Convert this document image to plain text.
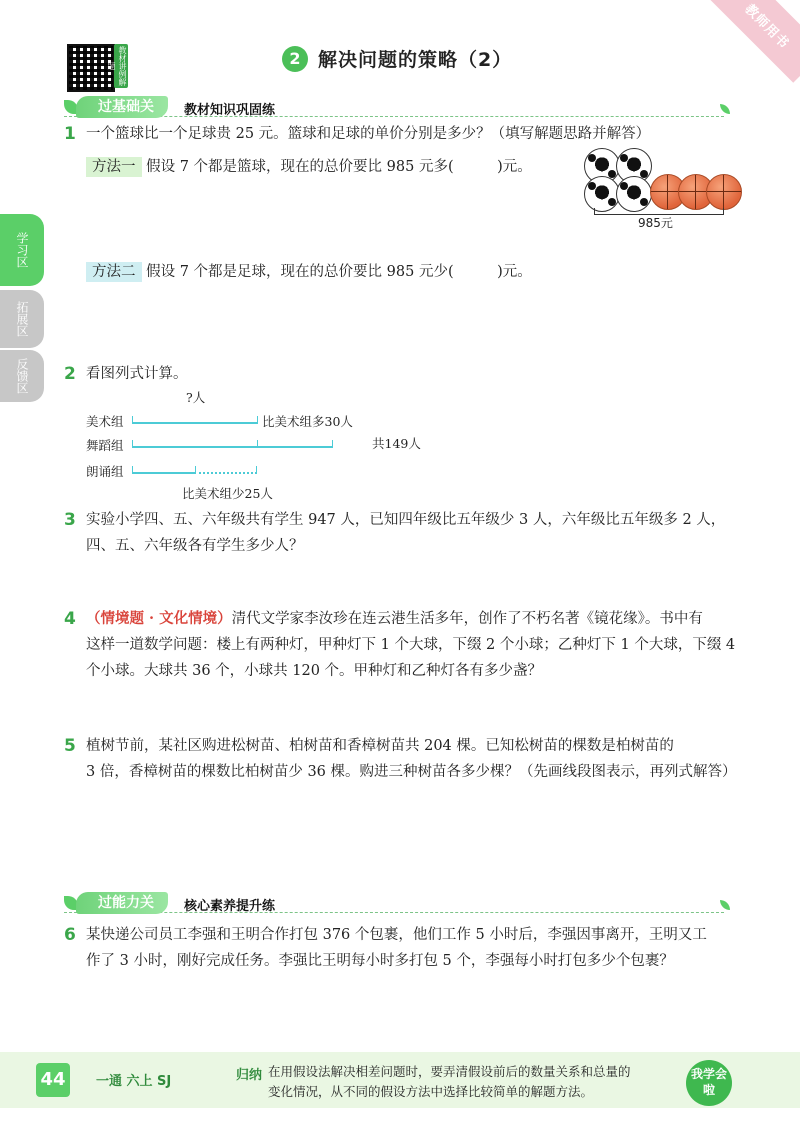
教师用书
教材讲例解题	2 解决问题的策略（2）
过基础关	教材知识巩固练
学习区
拓展区
反馈区
1 一个篮球比一个足球贵 25 元。篮球和足球的单价分别是多少？（填写解题思路并解答）
方法一 假设 7 个都是篮球，现在的总价要比 985 元多(　　　)元。
985元
方法二 假设 7 个都是足球，现在的总价要比 985 元少(　　　)元。
2 看图列式计算。
?人
美术组
舞蹈组
朗诵组
比美术组多30人
共149人
比美术组少25人
3 实验小学四、五、六年级共有学生 947 人，已知四年级比五年级少 3 人，六年级比五年级多 2 人，
四、五、六年级各有学生多少人？
4 （情境题 · 文化情境）清代文学家李汝珍在连云港生活多年，创作了不朽名著《镜花缘》。书中有
这样一道数学问题：楼上有两种灯，甲种灯下 1 个大球，下缀 2 个小球；乙种灯下 1 个大球，下缀 4
个小球。大球共 36 个，小球共 120 个。甲种灯和乙种灯各有多少盏？
5 植树节前，某社区购进松树苗、柏树苗和香樟树苗共 204 棵。已知松树苗的棵数是柏树苗的
3 倍，香樟树苗的棵数比柏树苗少 36 棵。购进三种树苗各多少棵？（先画线段图表示，再列式解答）
过能力关	核心素养提升练
6 某快递公司员工李强和王明合作打包 376 个包裹，他们工作 5 小时后，李强因事离开，王明又工
作了 3 小时，刚好完成任务。李强比王明每小时多打包 5 个，李强每小时打包多少个包裹？
44	一通 六上 SJ	归纳 在用假设法解决相差问题时，要弄清假设前后的数量关系和总量的
变化情况，从不同的假设方法中选择比较简单的解题方法。
我学会啦
